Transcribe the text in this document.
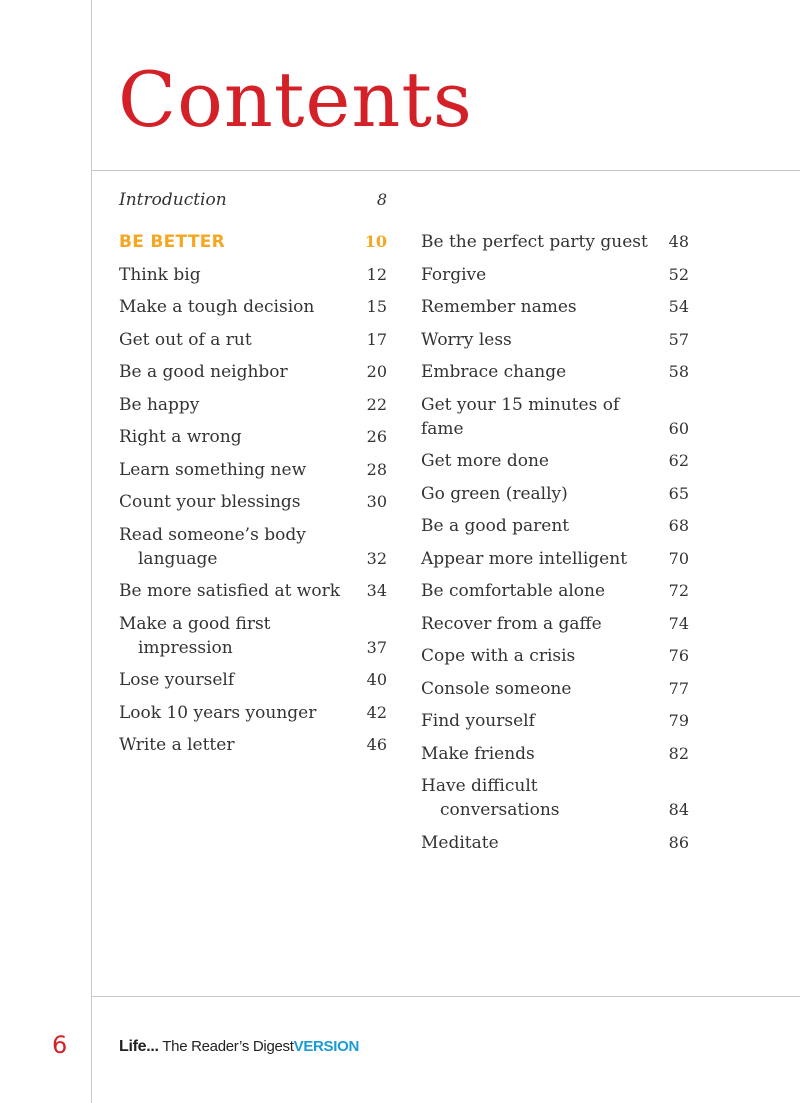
Contents
Introduction	8
BE BETTER	10
Think big	12
Make a tough decision	15
Get out of a rut	17
Be a good neighbor	20
Be happy	22
Right a wrong	26
Learn something new	28
Count your blessings	30
Read someone’s body
language	32
Be more satisfied at work	34
Make a good first
impression	37
Lose yourself	40
Look 10 years younger	42
Write a letter	46
Be the perfect party guest	48
Forgive	52
Remember names	54
Worry less	57
Embrace change	58
Get your 15 minutes of fame	60
Get more done	62
Go green (really)	65
Be a good parent	68
Appear more intelligent	70
Be comfortable alone	72
Recover from a gaffe	74
Cope with a crisis	76
Console someone	77
Find yourself	79
Make friends	82
Have difficult
conversations	84
Meditate	86
6	Life... The Reader’s DigestVERSION
